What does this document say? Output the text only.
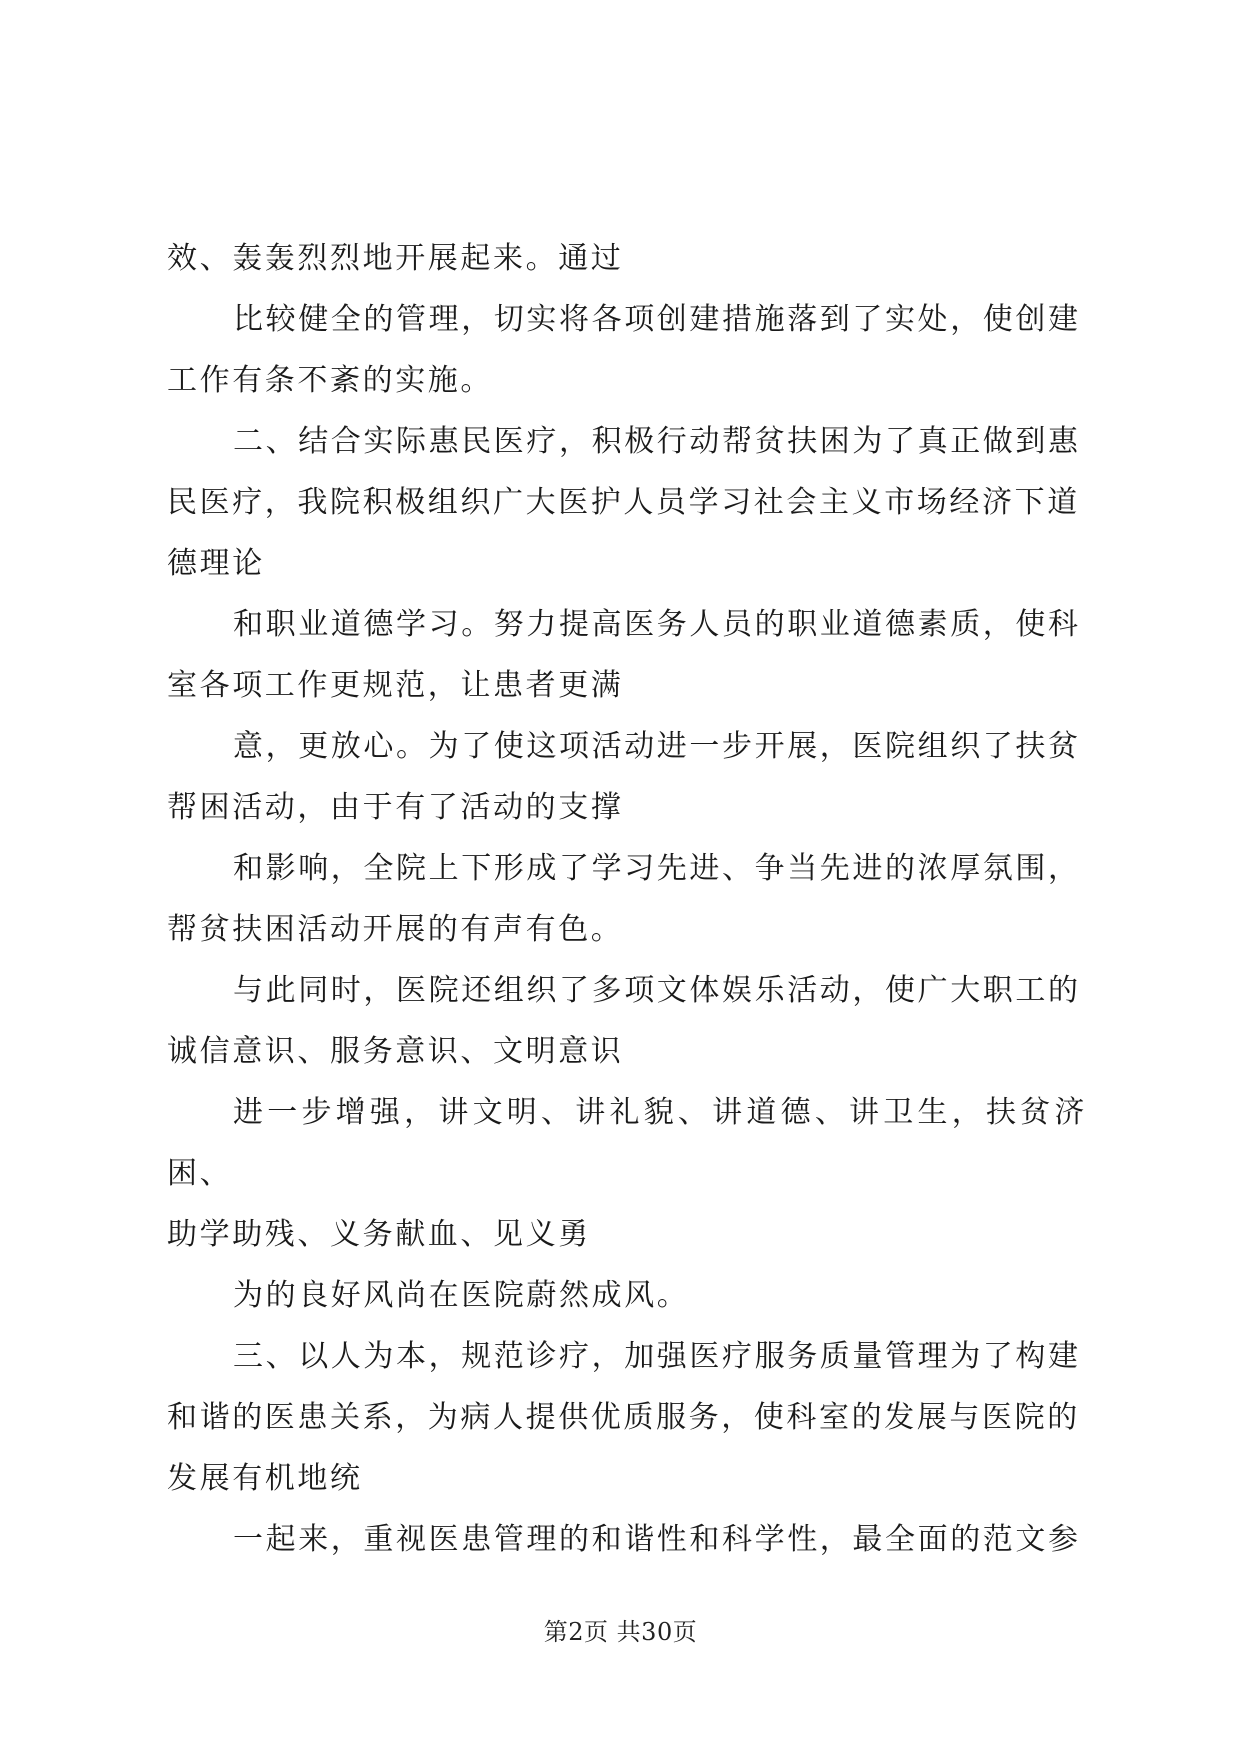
效、轰轰烈烈地开展起来。通过

比较健全的管理，切实将各项创建措施落到了实处，使创建
工作有条不紊的实施。

二、结合实际惠民医疗，积极行动帮贫扶困为了真正做到惠
民医疗，我院积极组织广大医护人员学习社会主义市场经济下道
德理论

和职业道德学习。努力提高医务人员的职业道德素质，使科
室各项工作更规范，让患者更满

意，更放心。为了使这项活动进一步开展，医院组织了扶贫
帮困活动，由于有了活动的支撑

和影响，全院上下形成了学习先进、争当先进的浓厚氛围，
帮贫扶困活动开展的有声有色。

与此同时，医院还组织了多项文体娱乐活动，使广大职工的
诚信意识、服务意识、文明意识

进一步增强，讲文明、讲礼貌、讲道德、讲卫生，扶贫济困、
助学助残、义务献血、见义勇

为的良好风尚在医院蔚然成风。

三、以人为本，规范诊疗，加强医疗服务质量管理为了构建
和谐的医患关系，为病人提供优质服务，使科室的发展与医院的
发展有机地统

一起来，重视医患管理的和谐性和科学性，最全面的范文参

第2页 共30页
